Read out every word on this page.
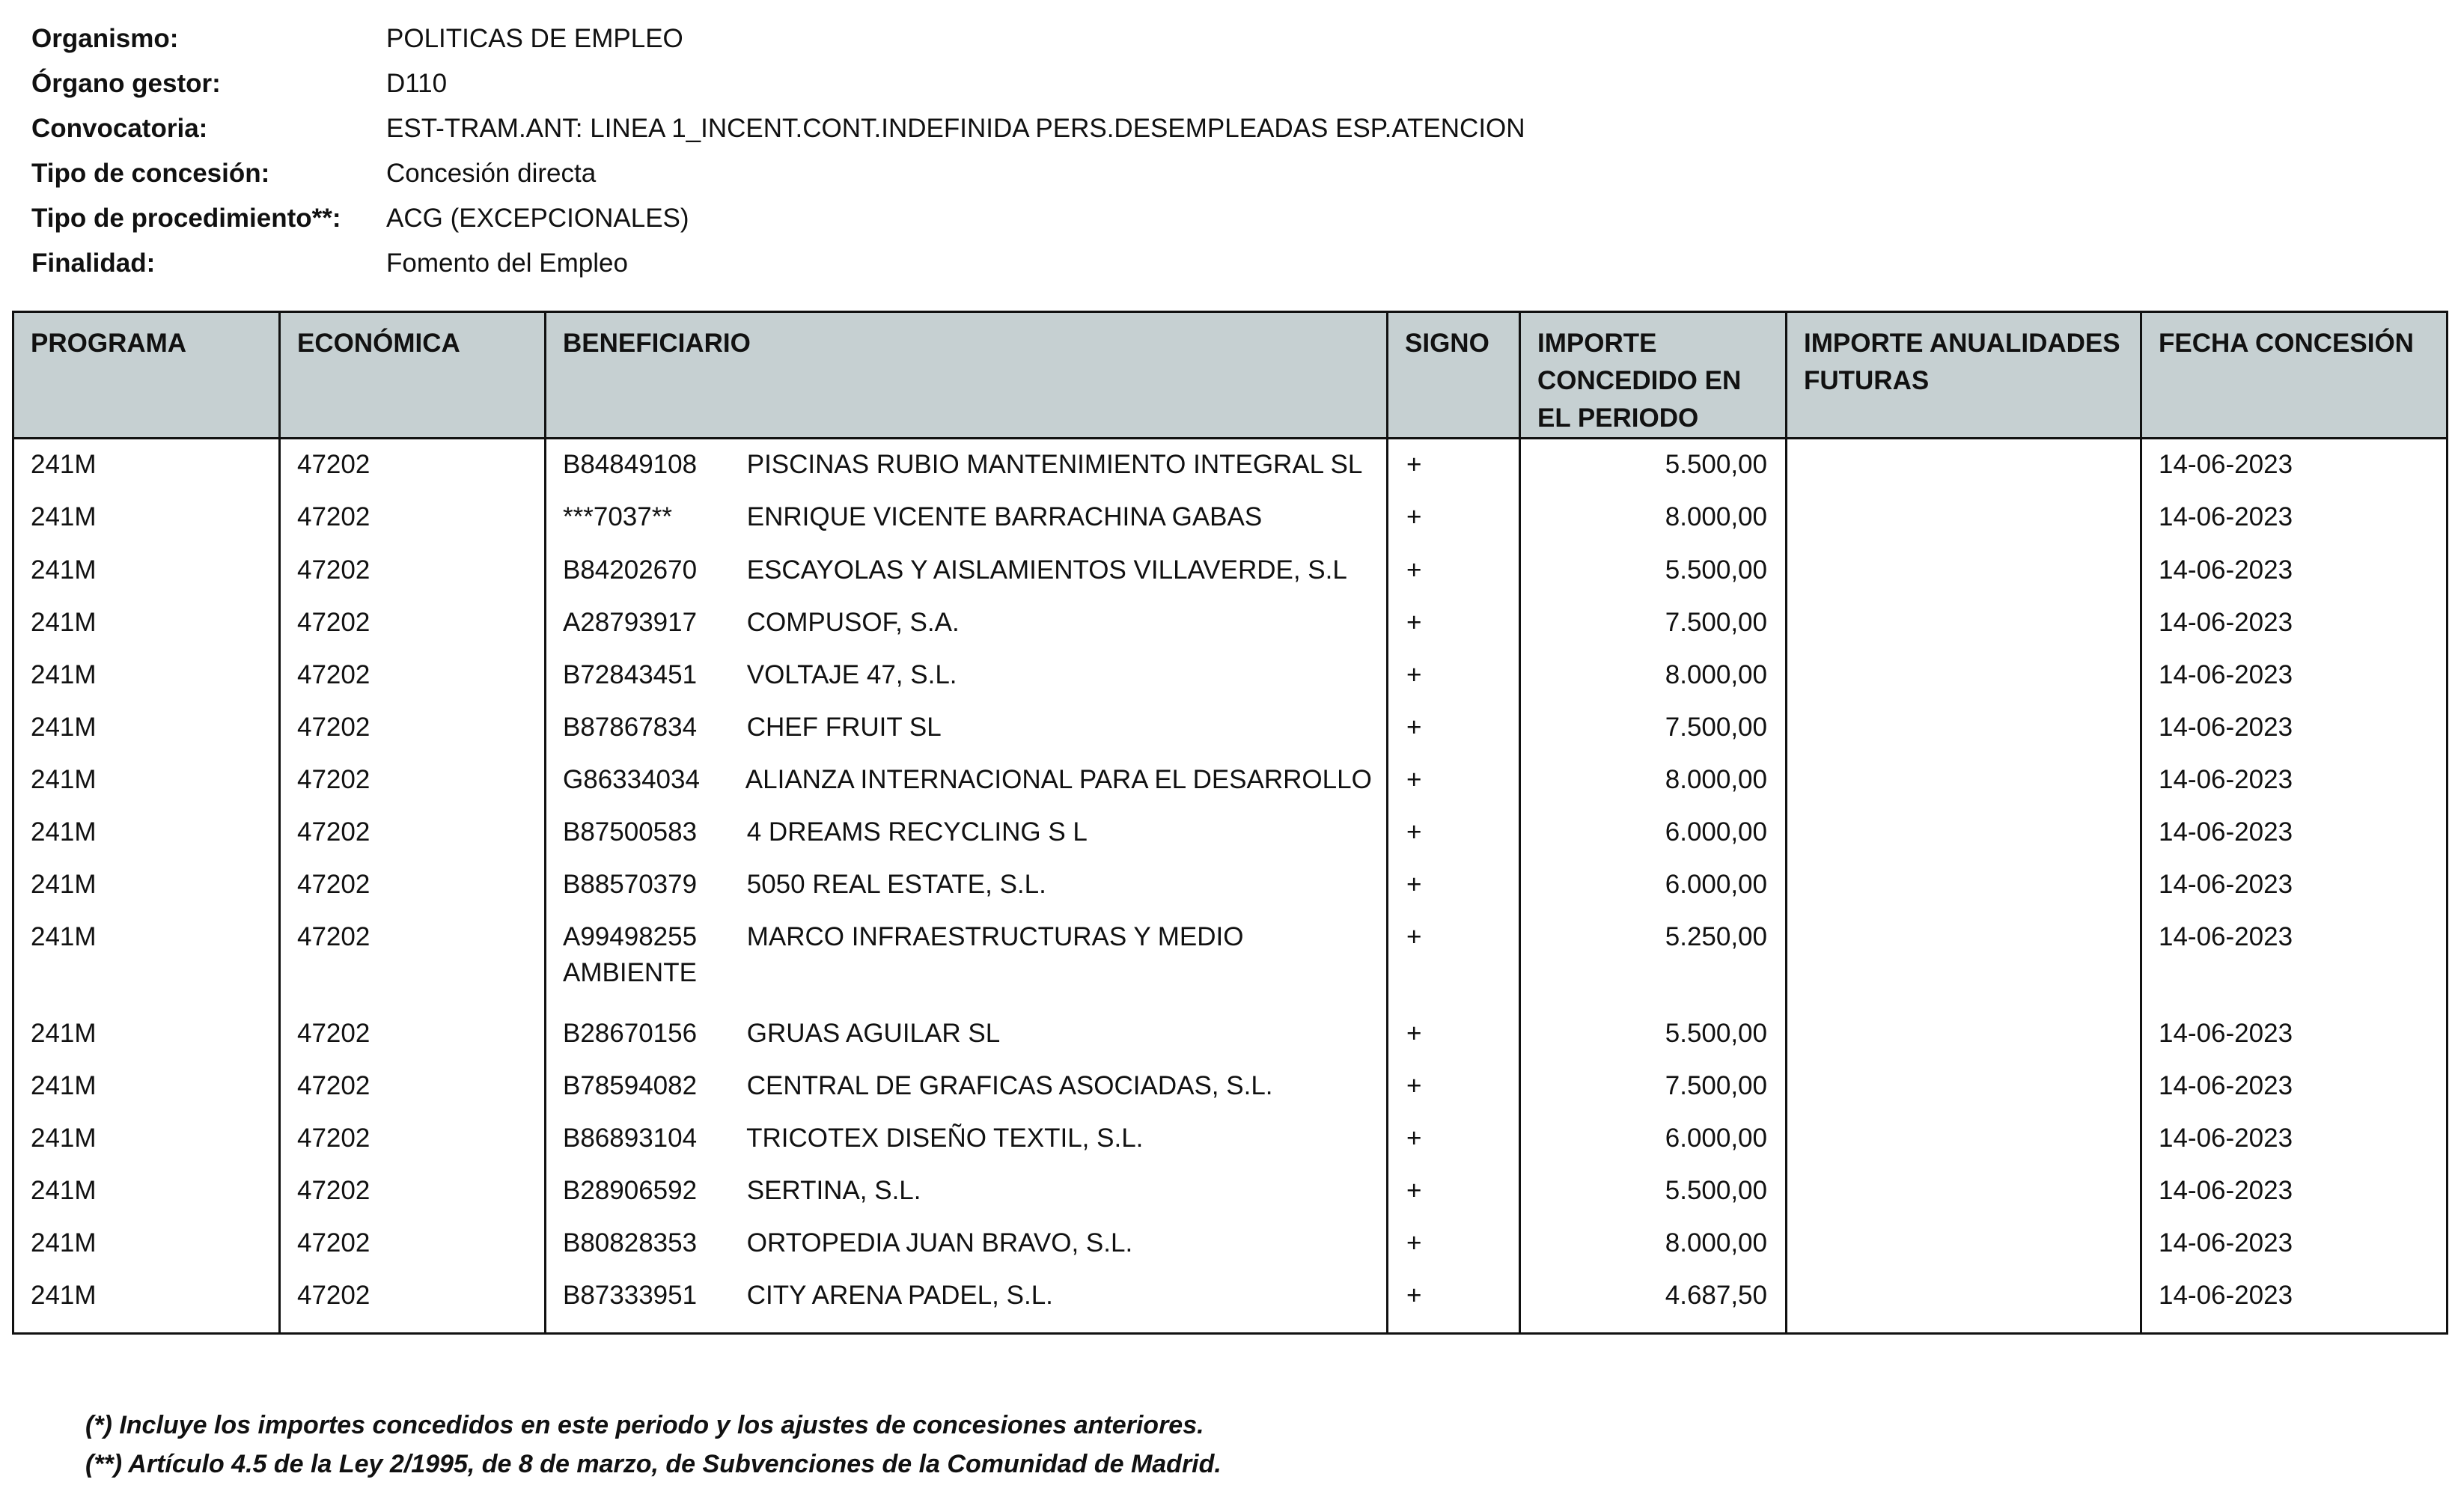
Organismo:	POLITICAS DE EMPLEO
Órgano gestor:	D110
Convocatoria:	EST-TRAM.ANT: LINEA 1_INCENT.CONT.INDEFINIDA PERS.DESEMPLEADAS ESP.ATENCION
Tipo de concesión:	Concesión directa
Tipo de procedimiento**:	ACG (EXCEPCIONALES)
Finalidad:	Fomento del Empleo
PROGRAMA	ECONÓMICA	BENEFICIARIO	SIGNO	IMPORTE CONCEDIDO EN EL PERIODO	IMPORTE ANUALIDADES FUTURAS	FECHA CONCESIÓN
241M	47202	B84849108 PISCINAS RUBIO MANTENIMIENTO INTEGRAL SL	+	5.500,00		14-06-2023
241M	47202	***7037** ENRIQUE VICENTE BARRACHINA GABAS	+	8.000,00		14-06-2023
241M	47202	B84202670 ESCAYOLAS Y AISLAMIENTOS VILLAVERDE, S.L	+	5.500,00		14-06-2023
241M	47202	A28793917 COMPUSOF, S.A.	+	7.500,00		14-06-2023
241M	47202	B72843451 VOLTAJE 47, S.L.	+	8.000,00		14-06-2023
241M	47202	B87867834 CHEF FRUIT SL	+	7.500,00		14-06-2023
241M	47202	G86334034 ALIANZA INTERNACIONAL PARA EL DESARROLLO	+	8.000,00		14-06-2023
241M	47202	B87500583 4 DREAMS RECYCLING S L	+	6.000,00		14-06-2023
241M	47202	B88570379 5050 REAL ESTATE, S.L.	+	6.000,00		14-06-2023
241M	47202	A99498255 MARCO INFRAESTRUCTURAS Y MEDIO AMBIENTE	+	5.250,00		14-06-2023
241M	47202	B28670156 GRUAS AGUILAR SL	+	5.500,00		14-06-2023
241M	47202	B78594082 CENTRAL DE GRAFICAS ASOCIADAS, S.L.	+	7.500,00		14-06-2023
241M	47202	B86893104 TRICOTEX DISEÑO TEXTIL, S.L.	+	6.000,00		14-06-2023
241M	47202	B28906592 SERTINA, S.L.	+	5.500,00		14-06-2023
241M	47202	B80828353 ORTOPEDIA JUAN BRAVO, S.L.	+	8.000,00		14-06-2023
241M	47202	B87333951 CITY ARENA PADEL, S.L.	+	4.687,50		14-06-2023

(*) Incluye los importes concedidos en este periodo y los ajustes de concesiones anteriores.
(**) Artículo 4.5 de la Ley 2/1995, de 8 de marzo, de Subvenciones de la Comunidad de Madrid.
